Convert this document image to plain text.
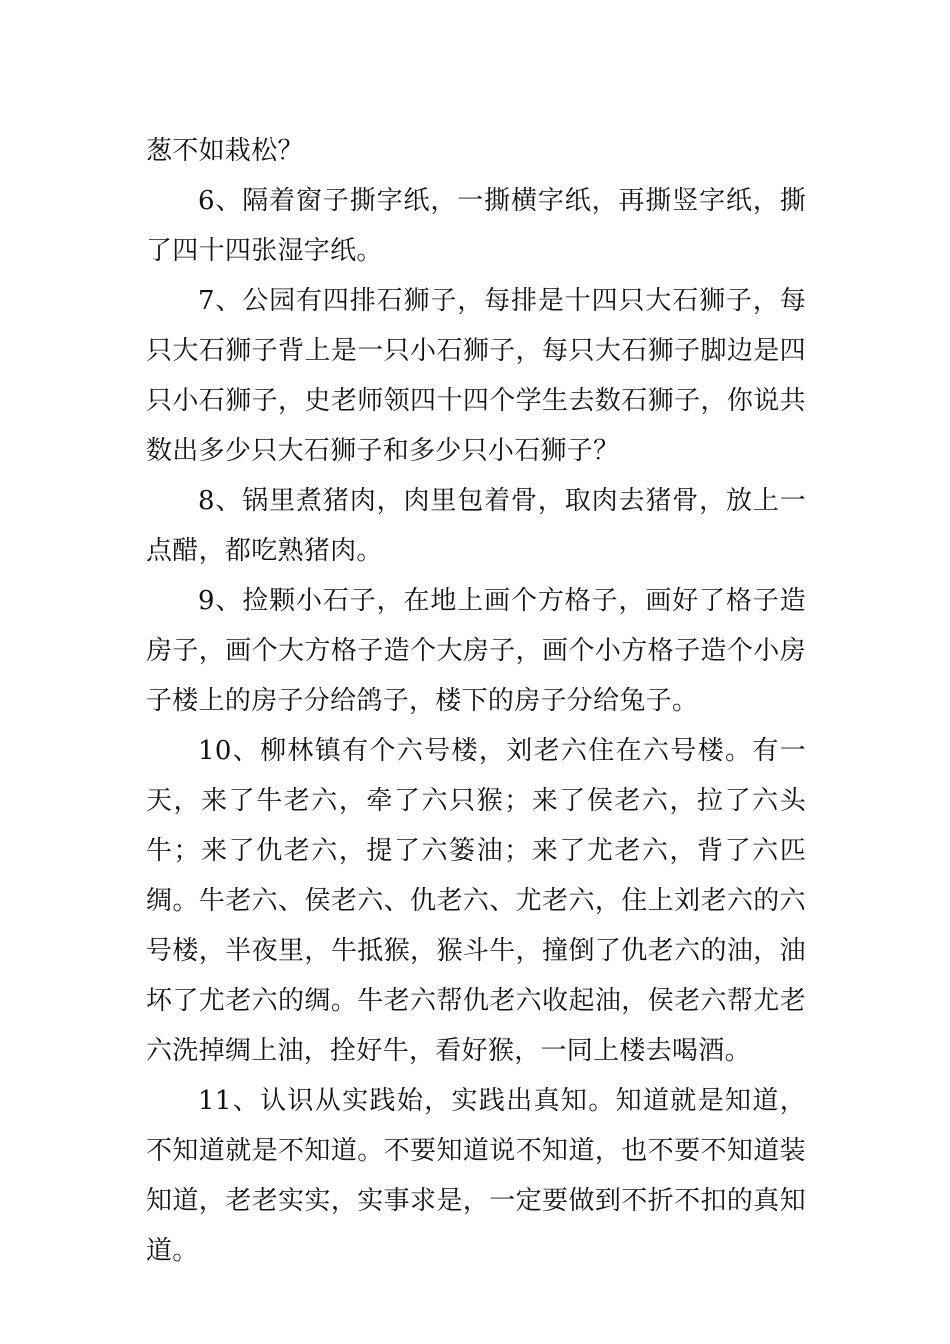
葱不如栽松？

6、隔着窗子撕字纸，一撕横字纸，再撕竖字纸，撕了四十四张湿字纸。

7、公园有四排石狮子，每排是十四只大石狮子，每只大石狮子背上是一只小石狮子，每只大石狮子脚边是四只小石狮子，史老师领四十四个学生去数石狮子，你说共数出多少只大石狮子和多少只小石狮子？

8、锅里煮猪肉，肉里包着骨，取肉去猪骨，放上一点醋，都吃熟猪肉。

9、捡颗小石子，在地上画个方格子，画好了格子造房子，画个大方格子造个大房子，画个小方格子造个小房子楼上的房子分给鸽子，楼下的房子分给兔子。

10、柳林镇有个六号楼，刘老六住在六号楼。有一天，来了牛老六，牵了六只猴；来了侯老六，拉了六头牛；来了仇老六，提了六篓油；来了尤老六，背了六匹绸。牛老六、侯老六、仇老六、尤老六，住上刘老六的六号楼，半夜里，牛抵猴，猴斗牛，撞倒了仇老六的油，油坏了尤老六的绸。牛老六帮仇老六收起油，侯老六帮尤老六洗掉绸上油，拴好牛，看好猴，一同上楼去喝酒。

11、认识从实践始，实践出真知。知道就是知道，不知道就是不知道。不要知道说不知道，也不要不知道装知道，老老实实，实事求是，一定要做到不折不扣的真知道。
